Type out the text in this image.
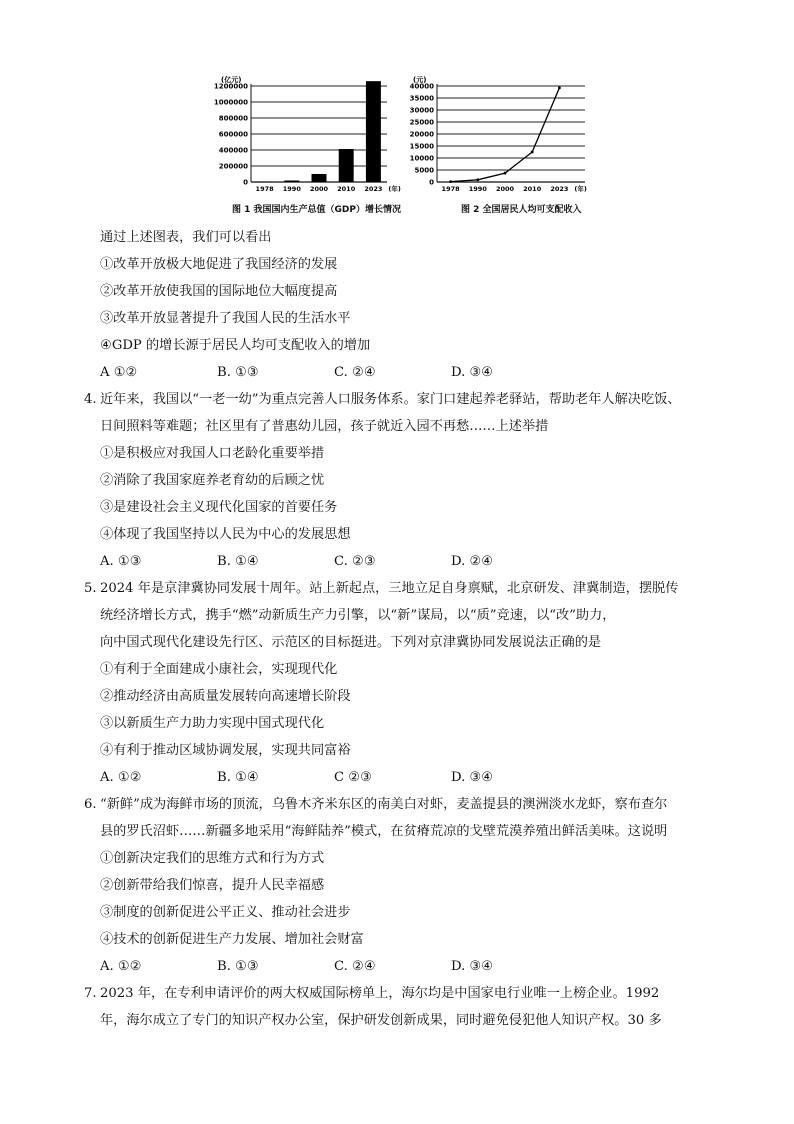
(亿元)
0
200000
400000
600000
800000
1000000
1200000
1978 1990 2000 2010 2023 (年)
(元)
0
5000
10000
15000
20000
25000
30000
35000
40000
1978 1990 2000 2010 2023 (年)
图 1 我国国内生产总值（GDP）增长情况	图 2 全国居民人均可支配收入
通过上述图表，我们可以看出
①改革开放极大地促进了我国经济的发展
②改革开放使我国的国际地位大幅度提高
③改革开放显著提升了我国人民的生活水平
④GDP 的增长源于居民人均可支配收入的增加
A ①②	B. ①③	C. ②④	D. ③④
4. 近年来，我国以“一老一幼”为重点完善人口服务体系。家门口建起养老驿站，帮助老年人解决吃饭、
日间照料等难题；社区里有了普惠幼儿园，孩子就近入园不再愁……上述举措
①是积极应对我国人口老龄化重要举措
②消除了我国家庭养老育幼的后顾之忧
③是建设社会主义现代化国家的首要任务
④体现了我国坚持以人民为中心的发展思想
A. ①③	B. ①④	C. ②③	D. ②④
5. 2024 年是京津冀协同发展十周年。站上新起点，三地立足自身禀赋，北京研发、津冀制造，摆脱传
统经济增长方式，携手“燃”动新质生产力引擎，以“新”谋局，以“质”竞速，以“改”助力，
向中国式现代化建设先行区、示范区的目标挺进。下列对京津冀协同发展说法正确的是
①有利于全面建成小康社会，实现现代化
②推动经济由高质量发展转向高速增长阶段
③以新质生产力助力实现中国式现代化
④有利于推动区域协调发展，实现共同富裕
A. ①②	B. ①④	C ②③	D. ③④
6. “新鲜”成为海鲜市场的顶流，乌鲁木齐米东区的南美白对虾，麦盖提县的澳洲淡水龙虾，察布查尔
县的罗氏沼虾……新疆多地采用“海鲜陆养”模式，在贫瘠荒凉的戈壁荒漠养殖出鲜活美味。这说明
①创新决定我们的思维方式和行为方式
②创新带给我们惊喜，提升人民幸福感
③制度的创新促进公平正义、推动社会进步
④技术的创新促进生产力发展、增加社会财富
A. ①②	B. ①③	C. ②④	D. ③④
7. 2023 年，在专利申请评价的两大权威国际榜单上，海尔均是中国家电行业唯一上榜企业。1992
年，海尔成立了专门的知识产权办公室，保护研发创新成果，同时避免侵犯他人知识产权。30 多
